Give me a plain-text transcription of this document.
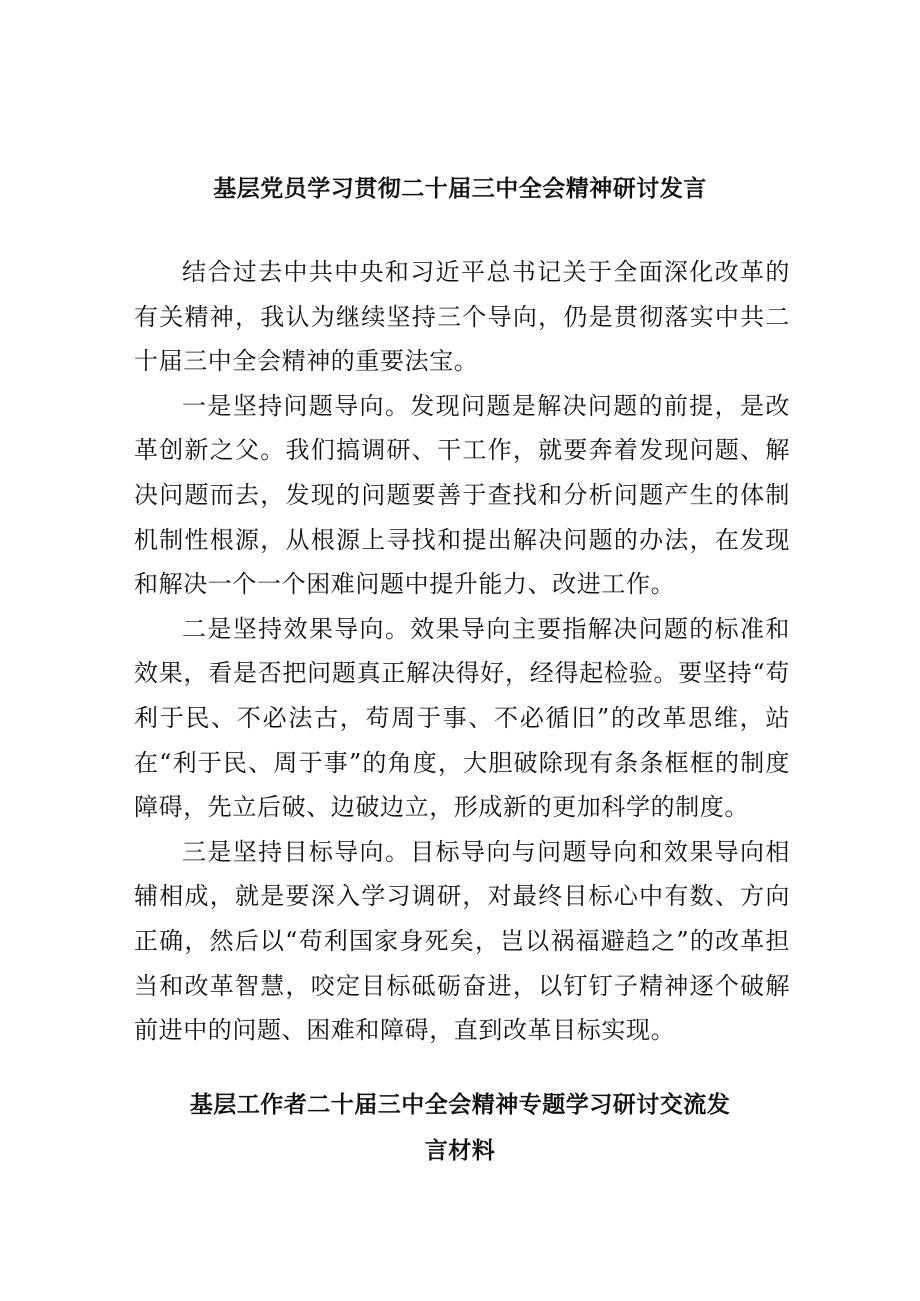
基层党员学习贯彻二十届三中全会精神研讨发言

结合过去中共中央和习近平总书记关于全面深化改革的有关精神，我认为继续坚持三个导向，仍是贯彻落实中共二十届三中全会精神的重要法宝。

一是坚持问题导向。发现问题是解决问题的前提，是改革创新之父。我们搞调研、干工作，就要奔着发现问题、解决问题而去，发现的问题要善于查找和分析问题产生的体制机制性根源，从根源上寻找和提出解决问题的办法，在发现和解决一个一个困难问题中提升能力、改进工作。

二是坚持效果导向。效果导向主要指解决问题的标准和效果，看是否把问题真正解决得好，经得起检验。要坚持“苟利于民、不必法古，苟周于事、不必循旧”的改革思维，站在“利于民、周于事”的角度，大胆破除现有条条框框的制度障碍，先立后破、边破边立，形成新的更加科学的制度。

三是坚持目标导向。目标导向与问题导向和效果导向相辅相成，就是要深入学习调研，对最终目标心中有数、方向正确，然后以“苟利国家身死矣，岂以祸福避趋之”的改革担当和改革智慧，咬定目标砥砺奋进，以钉钉子精神逐个破解前进中的问题、困难和障碍，直到改革目标实现。

基层工作者二十届三中全会精神专题学习研讨交流发
言材料
